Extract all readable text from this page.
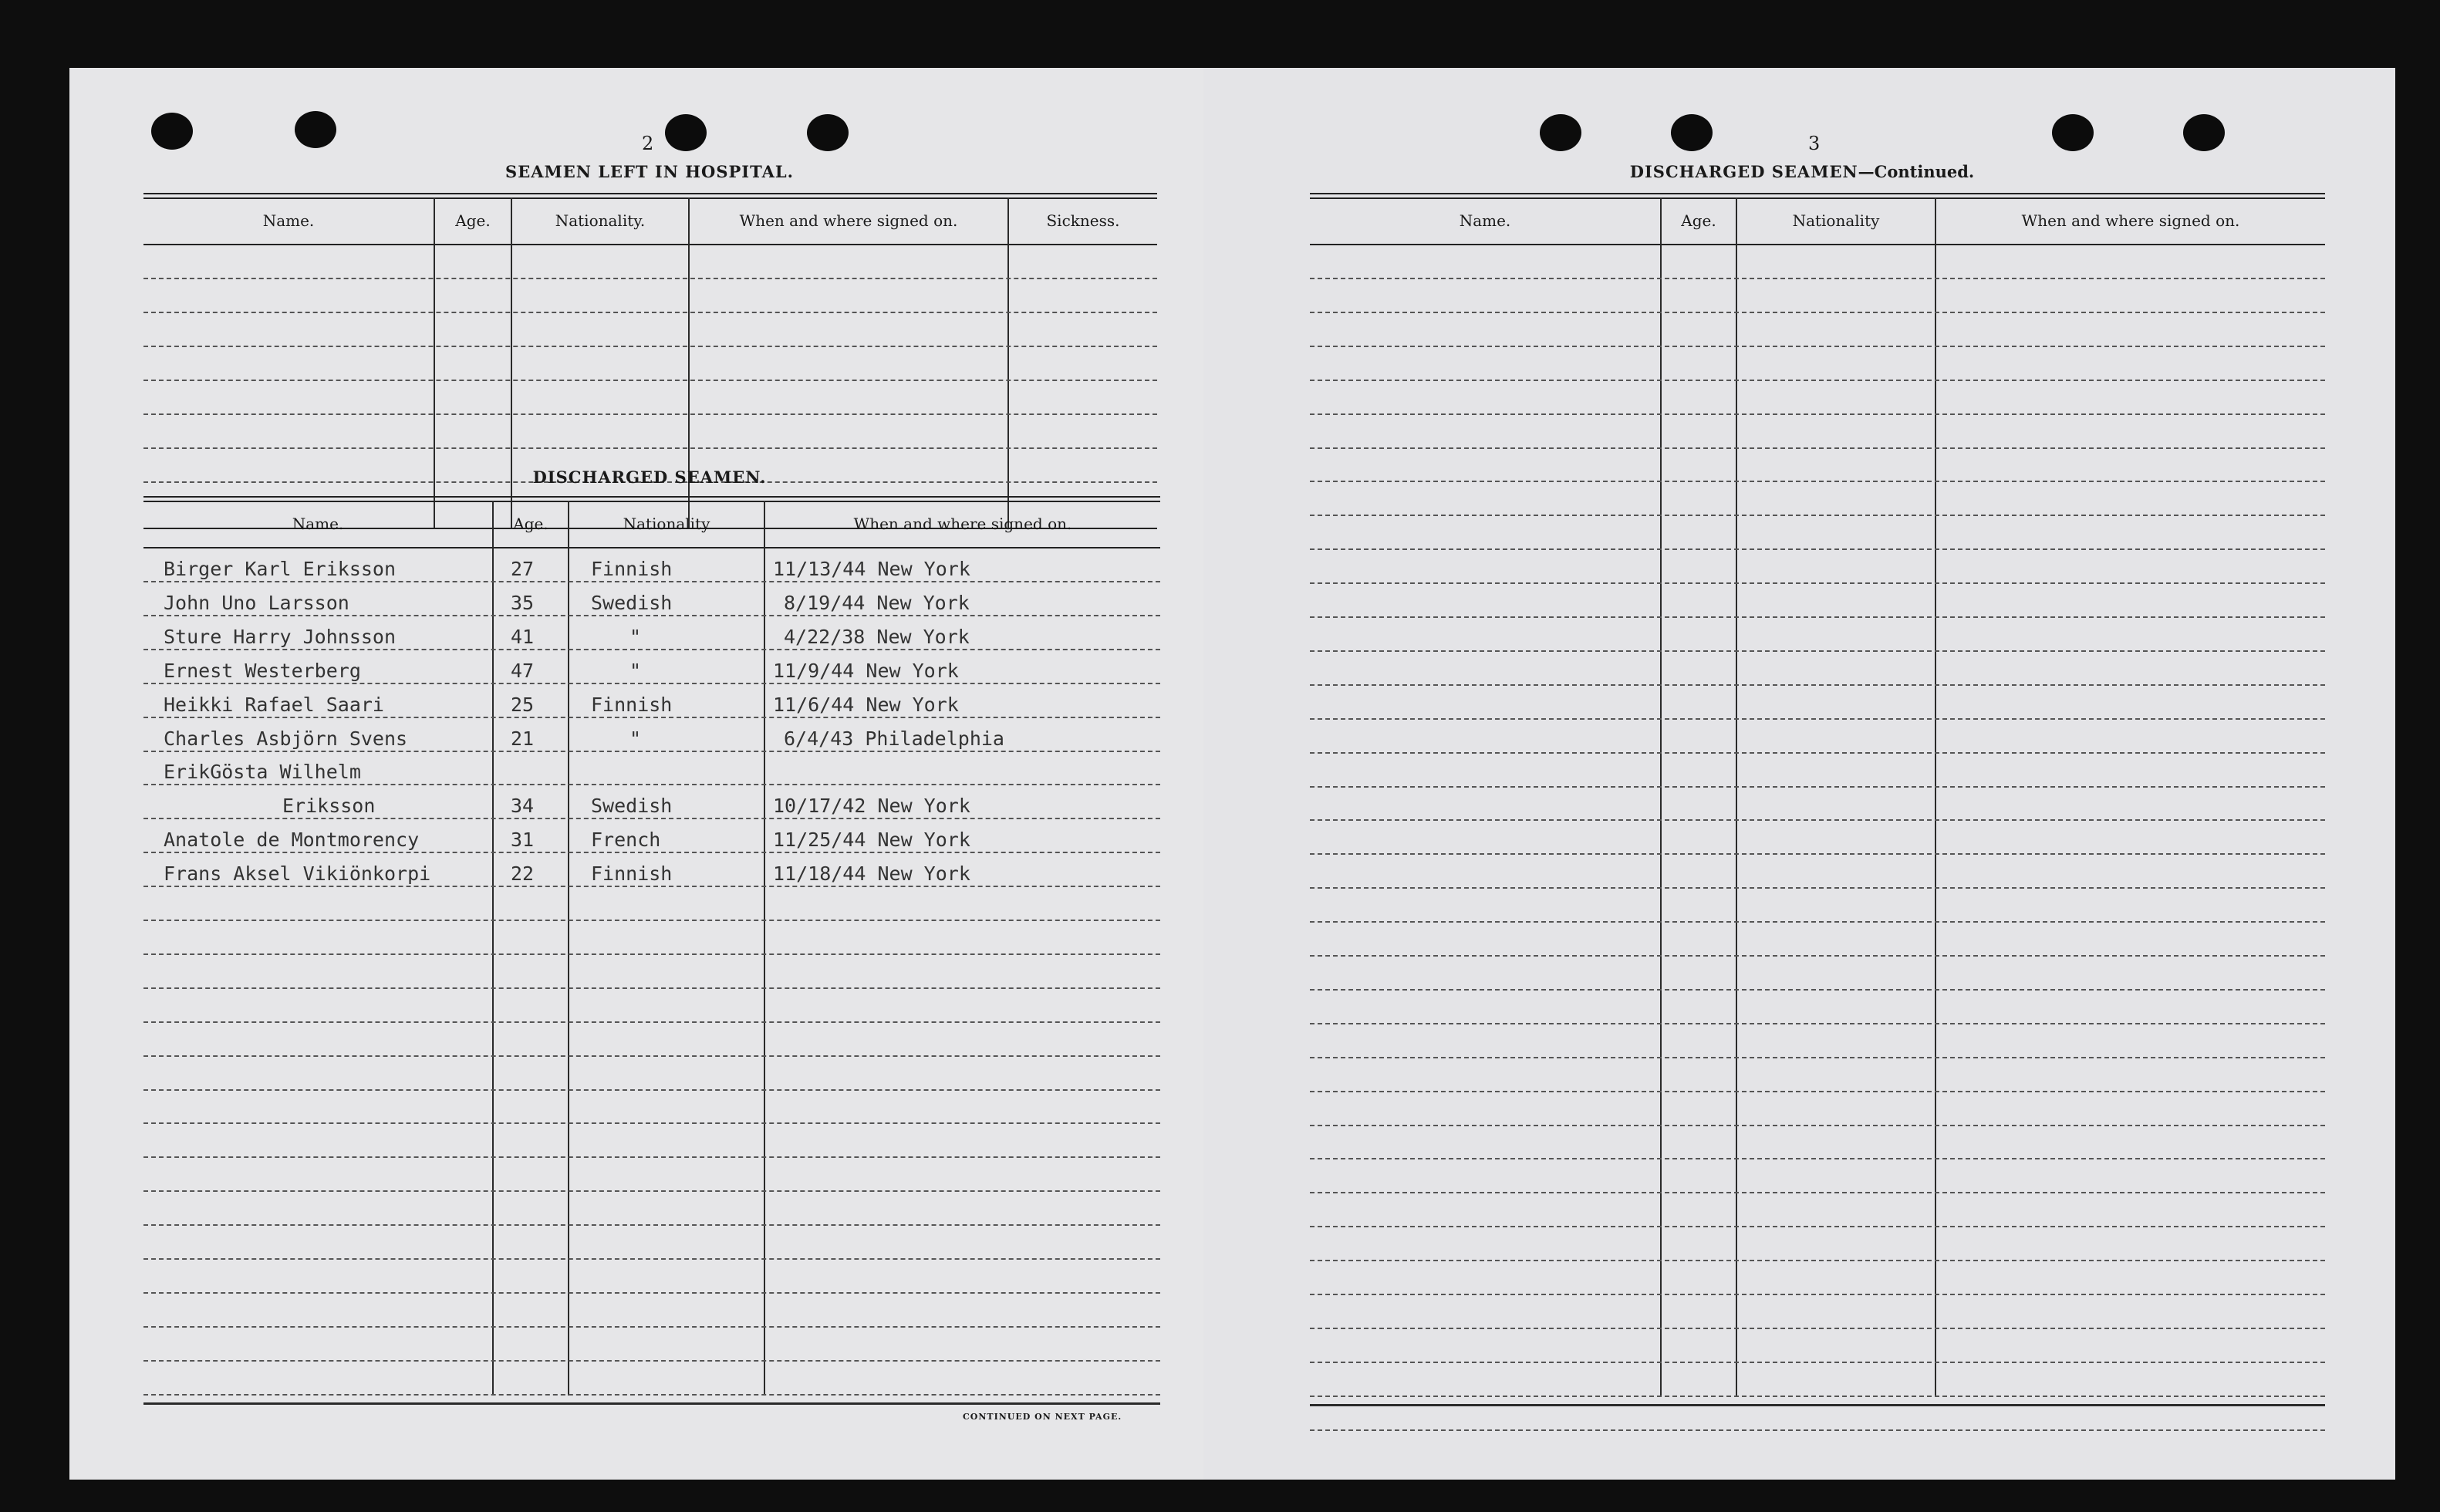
2
SEAMEN LEFT IN HOSPITAL.
Name.	Age.	Nationality.	When and where signed on.	Sickness.
DISCHARGED SEAMEN.
Name.	Age.	Nationality	When and where signed on.
Birger Karl Eriksson	27	Finnish	11/13/44 New York
John Uno Larsson	35	Swedish	8/19/44 New York
Sture Harry Johnsson	41	"	4/22/38 New York
Ernest Westerberg	47	"	11/9/44 New York
Heikki Rafael Saari	25	Finnish	11/6/44 New York
Charles Asbjörn Svens	21	"	6/4/43 Philadelphia
ErikGösta Wilhelm
Eriksson	34	Swedish	10/17/42 New York
Anatole de Montmorency	31	French	11/25/44 New York
Frans Aksel Vikiönkorpi	22	Finnish	11/18/44 New York
CONTINUED ON NEXT PAGE.
3
DISCHARGED SEAMEN—Continued.
Name.	Age.	Nationality	When and where signed on.
